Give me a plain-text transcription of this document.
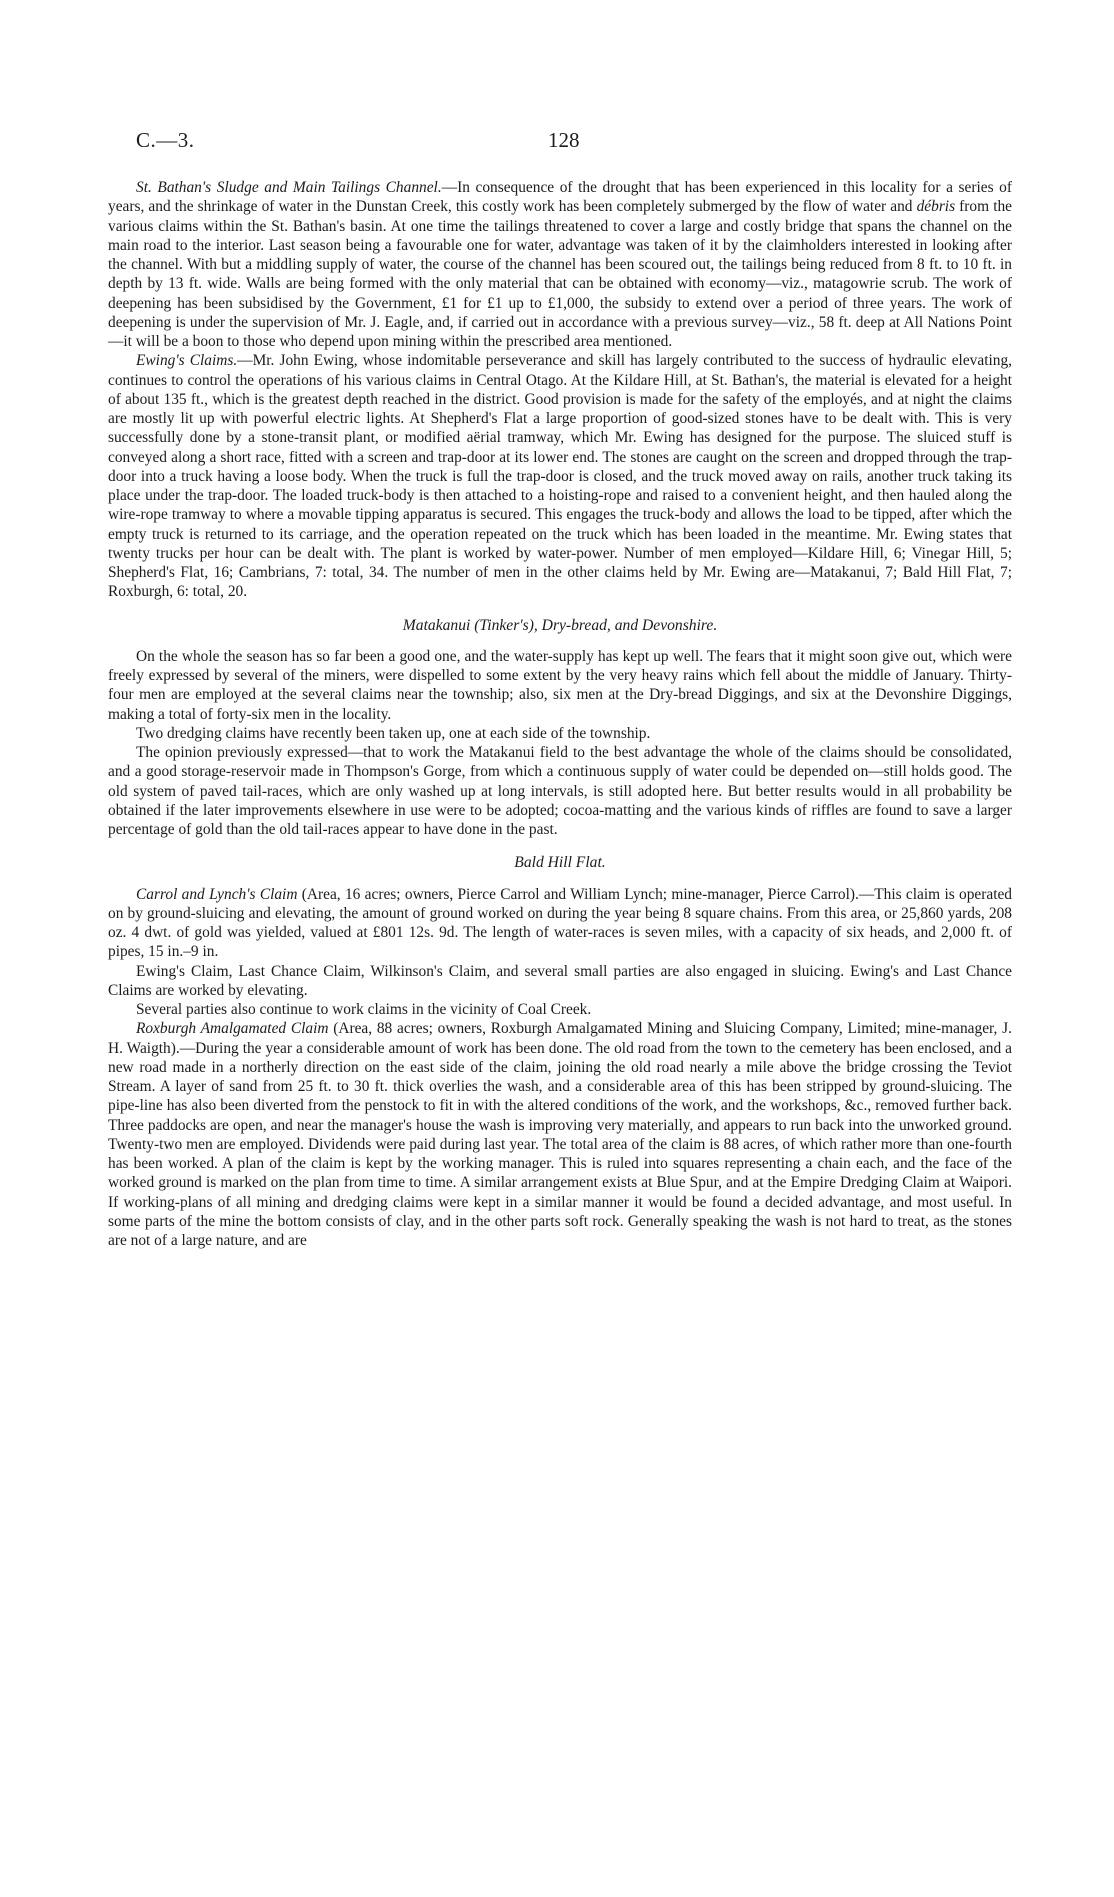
C.—3.	128

St. Bathan's Sludge and Main Tailings Channel.—In consequence of the drought that has been experienced in this locality for a series of years, and the shrinkage of water in the Dunstan Creek, this costly work has been completely submerged by the flow of water and débris from the various claims within the St. Bathan's basin. At one time the tailings threatened to cover a large and costly bridge that spans the channel on the main road to the interior. Last season being a favourable one for water, advantage was taken of it by the claimholders interested in looking after the channel. With but a middling supply of water, the course of the channel has been scoured out, the tailings being reduced from 8 ft. to 10 ft. in depth by 13 ft. wide. Walls are being formed with the only material that can be obtained with economy—viz., matagowrie scrub. The work of deepening has been subsidised by the Government, £1 for £1 up to £1,000, the subsidy to extend over a period of three years. The work of deepening is under the supervision of Mr. J. Eagle, and, if carried out in accordance with a previous survey—viz., 58 ft. deep at All Nations Point—it will be a boon to those who depend upon mining within the prescribed area mentioned.

Ewing's Claims.—Mr. John Ewing, whose indomitable perseverance and skill has largely contributed to the success of hydraulic elevating, continues to control the operations of his various claims in Central Otago. At the Kildare Hill, at St. Bathan's, the material is elevated for a height of about 135 ft., which is the greatest depth reached in the district. Good provision is made for the safety of the employés, and at night the claims are mostly lit up with powerful electric lights. At Shepherd's Flat a large proportion of good-sized stones have to be dealt with. This is very successfully done by a stone-transit plant, or modified aërial tramway, which Mr. Ewing has designed for the purpose. The sluiced stuff is conveyed along a short race, fitted with a screen and trap-door at its lower end. The stones are caught on the screen and dropped through the trap-door into a truck having a loose body. When the truck is full the trap-door is closed, and the truck moved away on rails, another truck taking its place under the trap-door. The loaded truck-body is then attached to a hoisting-rope and raised to a convenient height, and then hauled along the wire-rope tramway to where a movable tipping apparatus is secured. This engages the truck-body and allows the load to be tipped, after which the empty truck is returned to its carriage, and the operation repeated on the truck which has been loaded in the meantime. Mr. Ewing states that twenty trucks per hour can be dealt with. The plant is worked by water-power. Number of men employed—Kildare Hill, 6; Vinegar Hill, 5; Shepherd's Flat, 16; Cambrians, 7: total, 34. The number of men in the other claims held by Mr. Ewing are—Matakanui, 7; Bald Hill Flat, 7; Roxburgh, 6: total, 20.

Matakanui (Tinker's), Dry-bread, and Devonshire.

On the whole the season has so far been a good one, and the water-supply has kept up well. The fears that it might soon give out, which were freely expressed by several of the miners, were dispelled to some extent by the very heavy rains which fell about the middle of January. Thirty-four men are employed at the several claims near the township; also, six men at the Dry-bread Diggings, and six at the Devonshire Diggings, making a total of forty-six men in the locality.

Two dredging claims have recently been taken up, one at each side of the township.

The opinion previously expressed—that to work the Matakanui field to the best advantage the whole of the claims should be consolidated, and a good storage-reservoir made in Thompson's Gorge, from which a continuous supply of water could be depended on—still holds good. The old system of paved tail-races, which are only washed up at long intervals, is still adopted here. But better results would in all probability be obtained if the later improvements elsewhere in use were to be adopted; cocoa-matting and the various kinds of riffles are found to save a larger percentage of gold than the old tail-races appear to have done in the past.

Bald Hill Flat.

Carrol and Lynch's Claim (Area, 16 acres; owners, Pierce Carrol and William Lynch; mine-manager, Pierce Carrol).—This claim is operated on by ground-sluicing and elevating, the amount of ground worked on during the year being 8 square chains. From this area, or 25,860 yards, 208 oz. 4 dwt. of gold was yielded, valued at £801 12s. 9d. The length of water-races is seven miles, with a capacity of six heads, and 2,000 ft. of pipes, 15 in.–9 in.

Ewing's Claim, Last Chance Claim, Wilkinson's Claim, and several small parties are also engaged in sluicing. Ewing's and Last Chance Claims are worked by elevating.

Several parties also continue to work claims in the vicinity of Coal Creek.

Roxburgh Amalgamated Claim (Area, 88 acres; owners, Roxburgh Amalgamated Mining and Sluicing Company, Limited; mine-manager, J. H. Waigth).—During the year a considerable amount of work has been done. The old road from the town to the cemetery has been enclosed, and a new road made in a northerly direction on the east side of the claim, joining the old road nearly a mile above the bridge crossing the Teviot Stream. A layer of sand from 25 ft. to 30 ft. thick overlies the wash, and a considerable area of this has been stripped by ground-sluicing. The pipe-line has also been diverted from the penstock to fit in with the altered conditions of the work, and the workshops, &c., removed further back. Three paddocks are open, and near the manager's house the wash is improving very materially, and appears to run back into the unworked ground. Twenty-two men are employed. Dividends were paid during last year. The total area of the claim is 88 acres, of which rather more than one-fourth has been worked. A plan of the claim is kept by the working manager. This is ruled into squares representing a chain each, and the face of the worked ground is marked on the plan from time to time. A similar arrangement exists at Blue Spur, and at the Empire Dredging Claim at Waipori. If working-plans of all mining and dredging claims were kept in a similar manner it would be found a decided advantage, and most useful. In some parts of the mine the bottom consists of clay, and in the other parts soft rock. Generally speaking the wash is not hard to treat, as the stones are not of a large nature, and are
